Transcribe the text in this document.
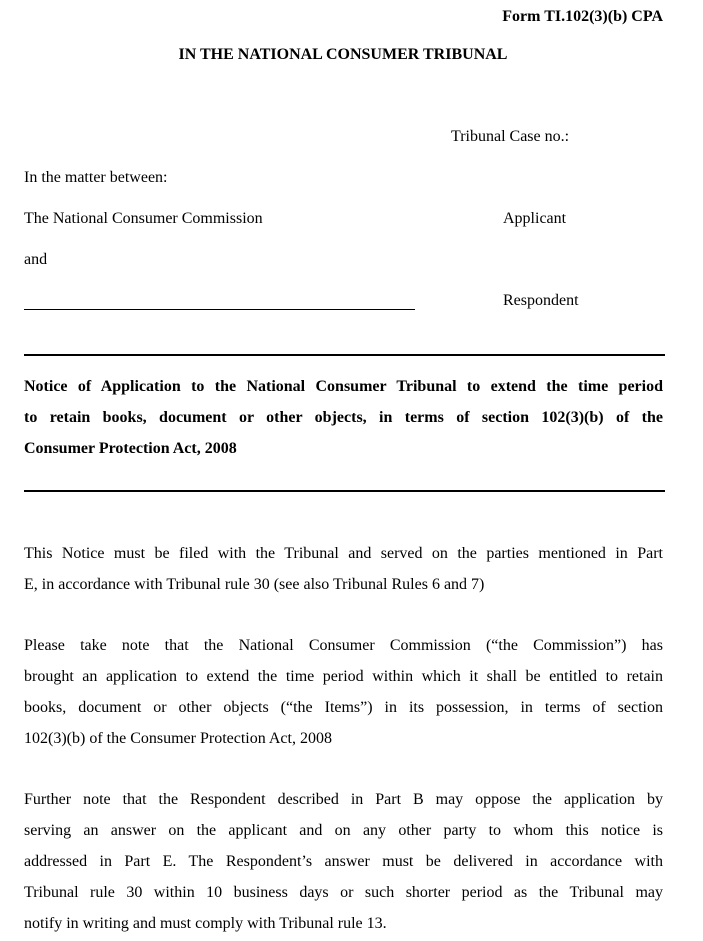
Form TI.102(3)(b) CPA
IN THE NATIONAL CONSUMER TRIBUNAL
Tribunal Case no.:
In the matter between:
The National Consumer Commission	Applicant
and
Respondent
Notice of Application to the National Consumer Tribunal to extend the time period
to retain books, document or other objects, in terms of section 102(3)(b) of the
Consumer Protection Act, 2008
This Notice must be filed with the Tribunal and served on the parties mentioned in Part
E, in accordance with Tribunal rule 30 (see also Tribunal Rules 6 and 7)
Please take note that the National Consumer Commission (“the Commission”) has
brought an application to extend the time period within which it shall be entitled to retain
books, document or other objects (“the Items”) in its possession, in terms of section
102(3)(b) of the Consumer Protection Act, 2008
Further note that the Respondent described in Part B may oppose the application by
serving an answer on the applicant and on any other party to whom this notice is
addressed in Part E. The Respondent’s answer must be delivered in accordance with
Tribunal rule 30 within 10 business days or such shorter period as the Tribunal may
notify in writing and must comply with Tribunal rule 13.
